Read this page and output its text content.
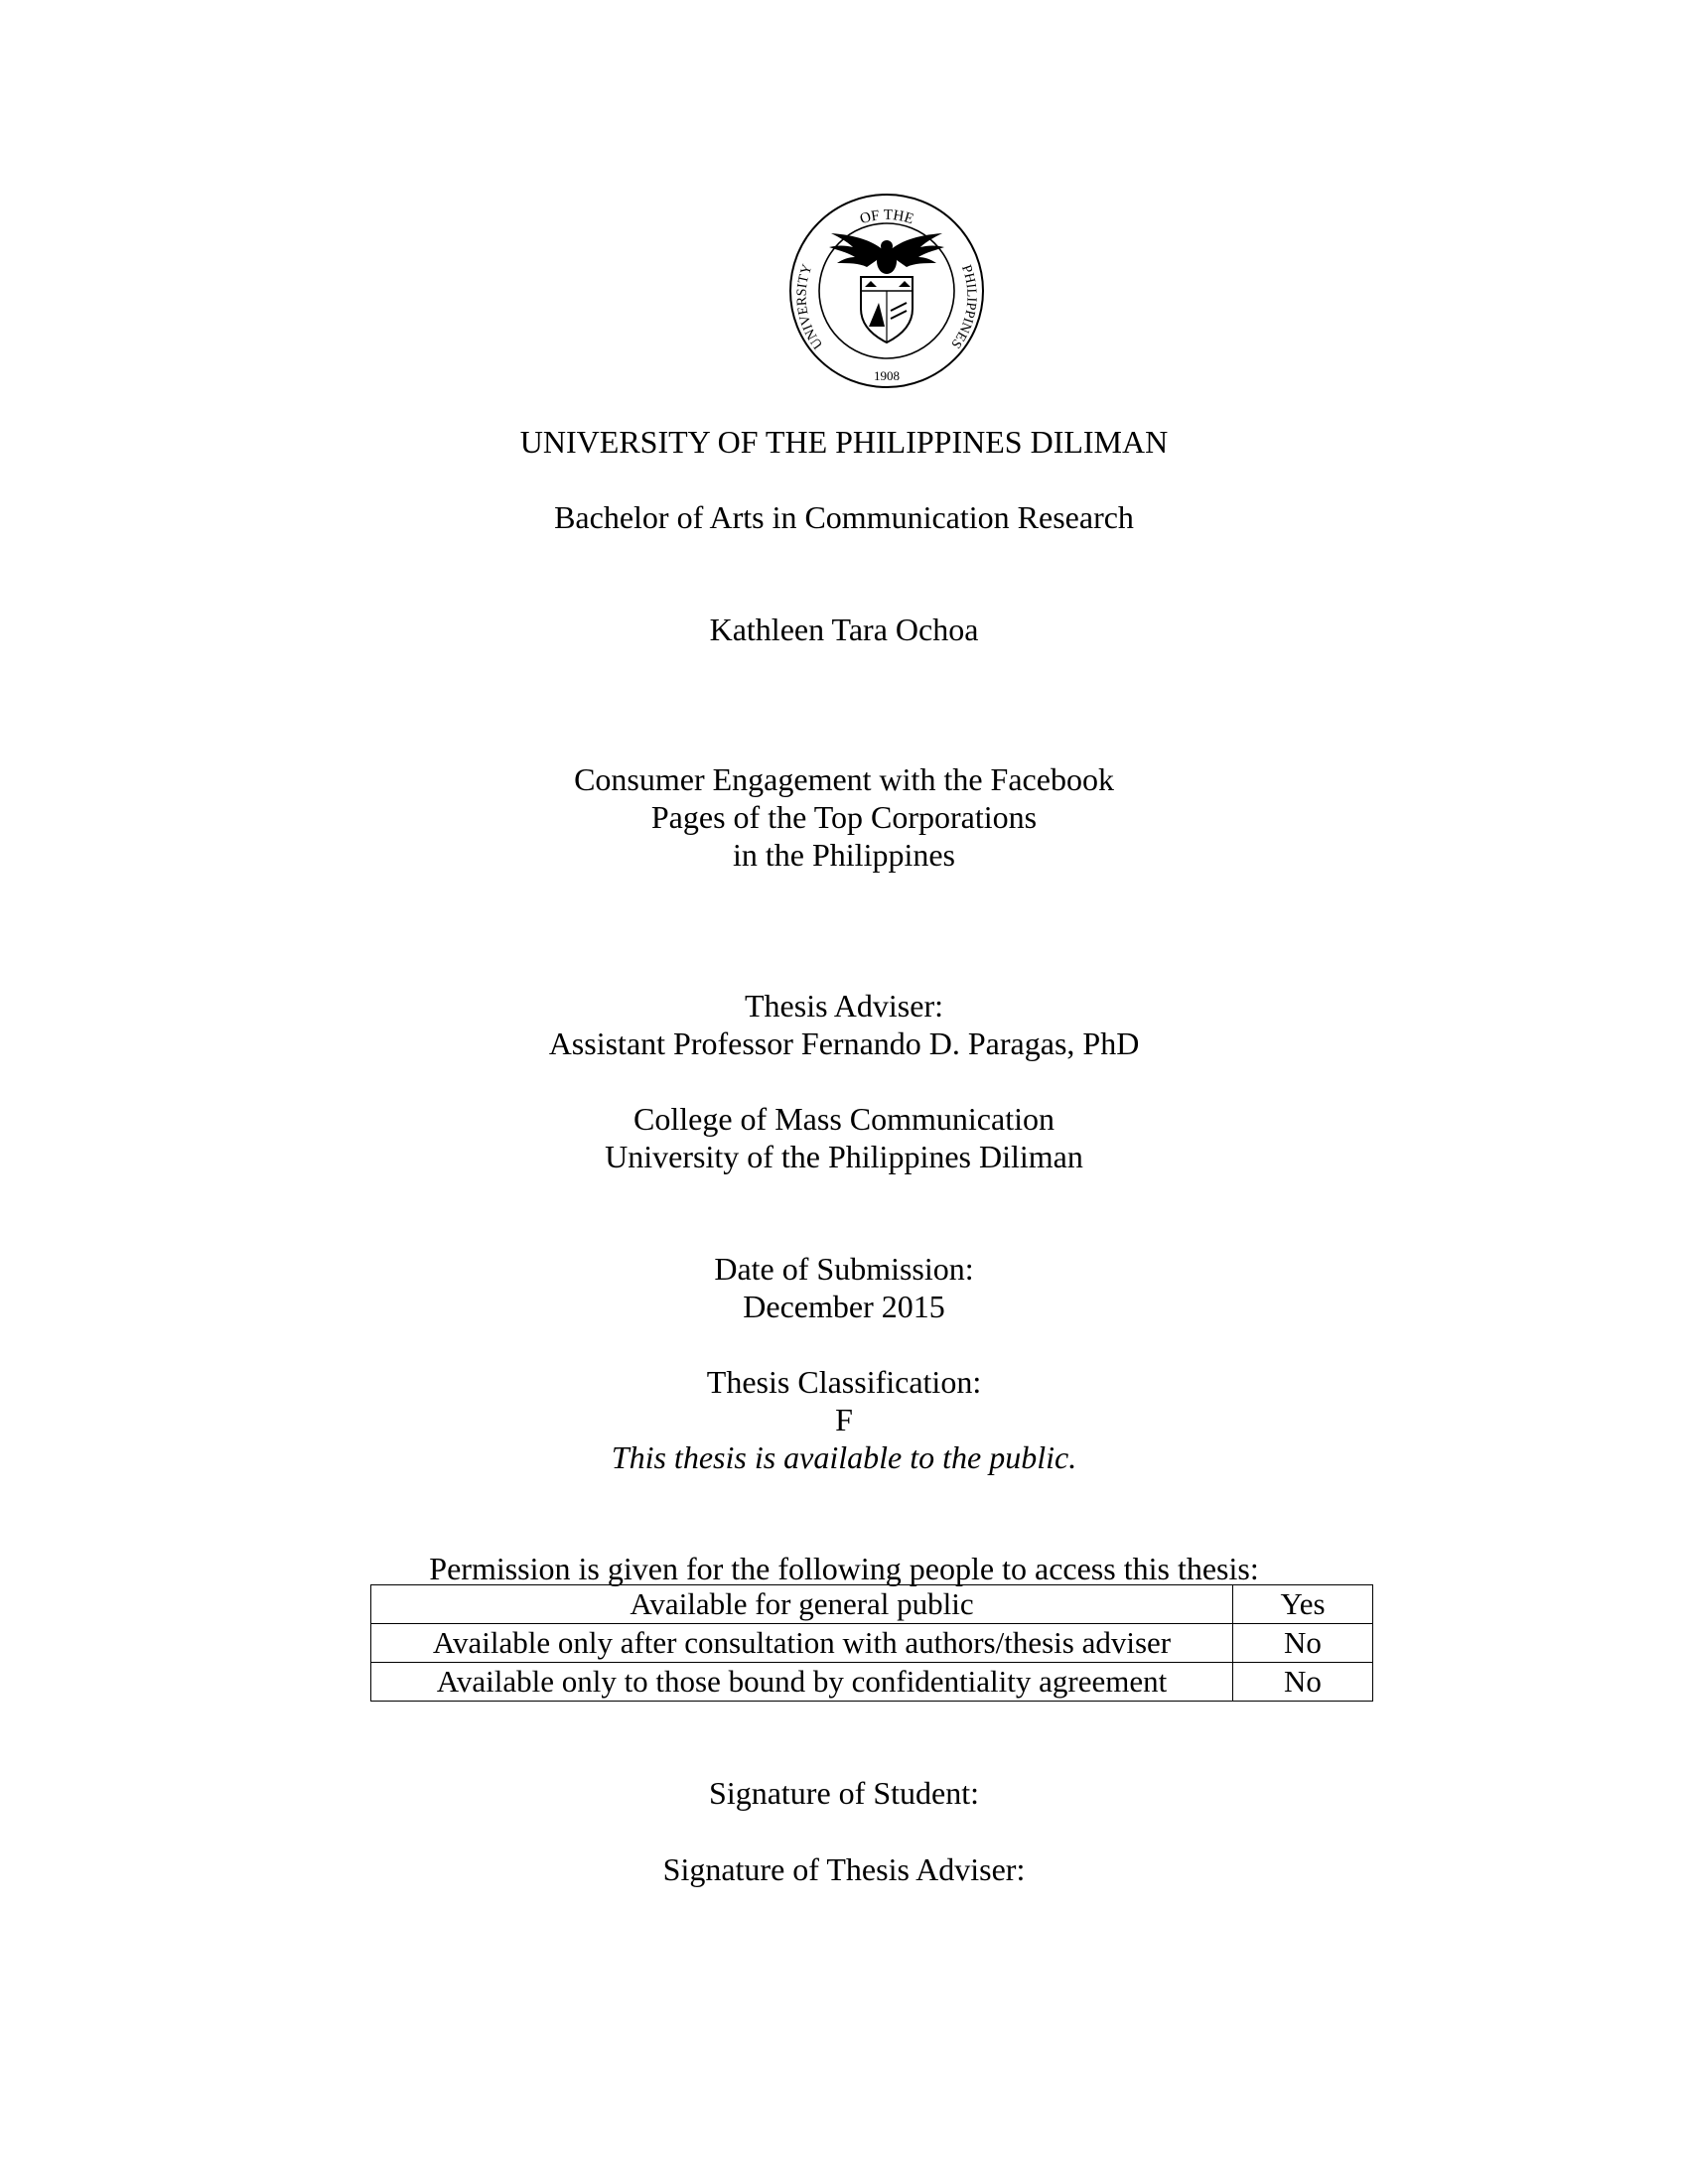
OF THE
UNIVERSITY	PHILIPPINES
1908
UNIVERSITY OF THE PHILIPPINES DILIMAN
Bachelor of Arts in Communication Research
Kathleen Tara Ochoa
Consumer Engagement with the Facebook
Pages of the Top Corporations
in the Philippines
Thesis Adviser:
Assistant Professor Fernando D. Paragas, PhD
College of Mass Communication
University of the Philippines Diliman
Date of Submission:
December 2015
Thesis Classification:
F
This thesis is available to the public.
Permission is given for the following people to access this thesis:
Available for general public	Yes
Available only after consultation with authors/thesis adviser	No
Available only to those bound by confidentiality agreement	No
Signature of Student:
Signature of Thesis Adviser:
